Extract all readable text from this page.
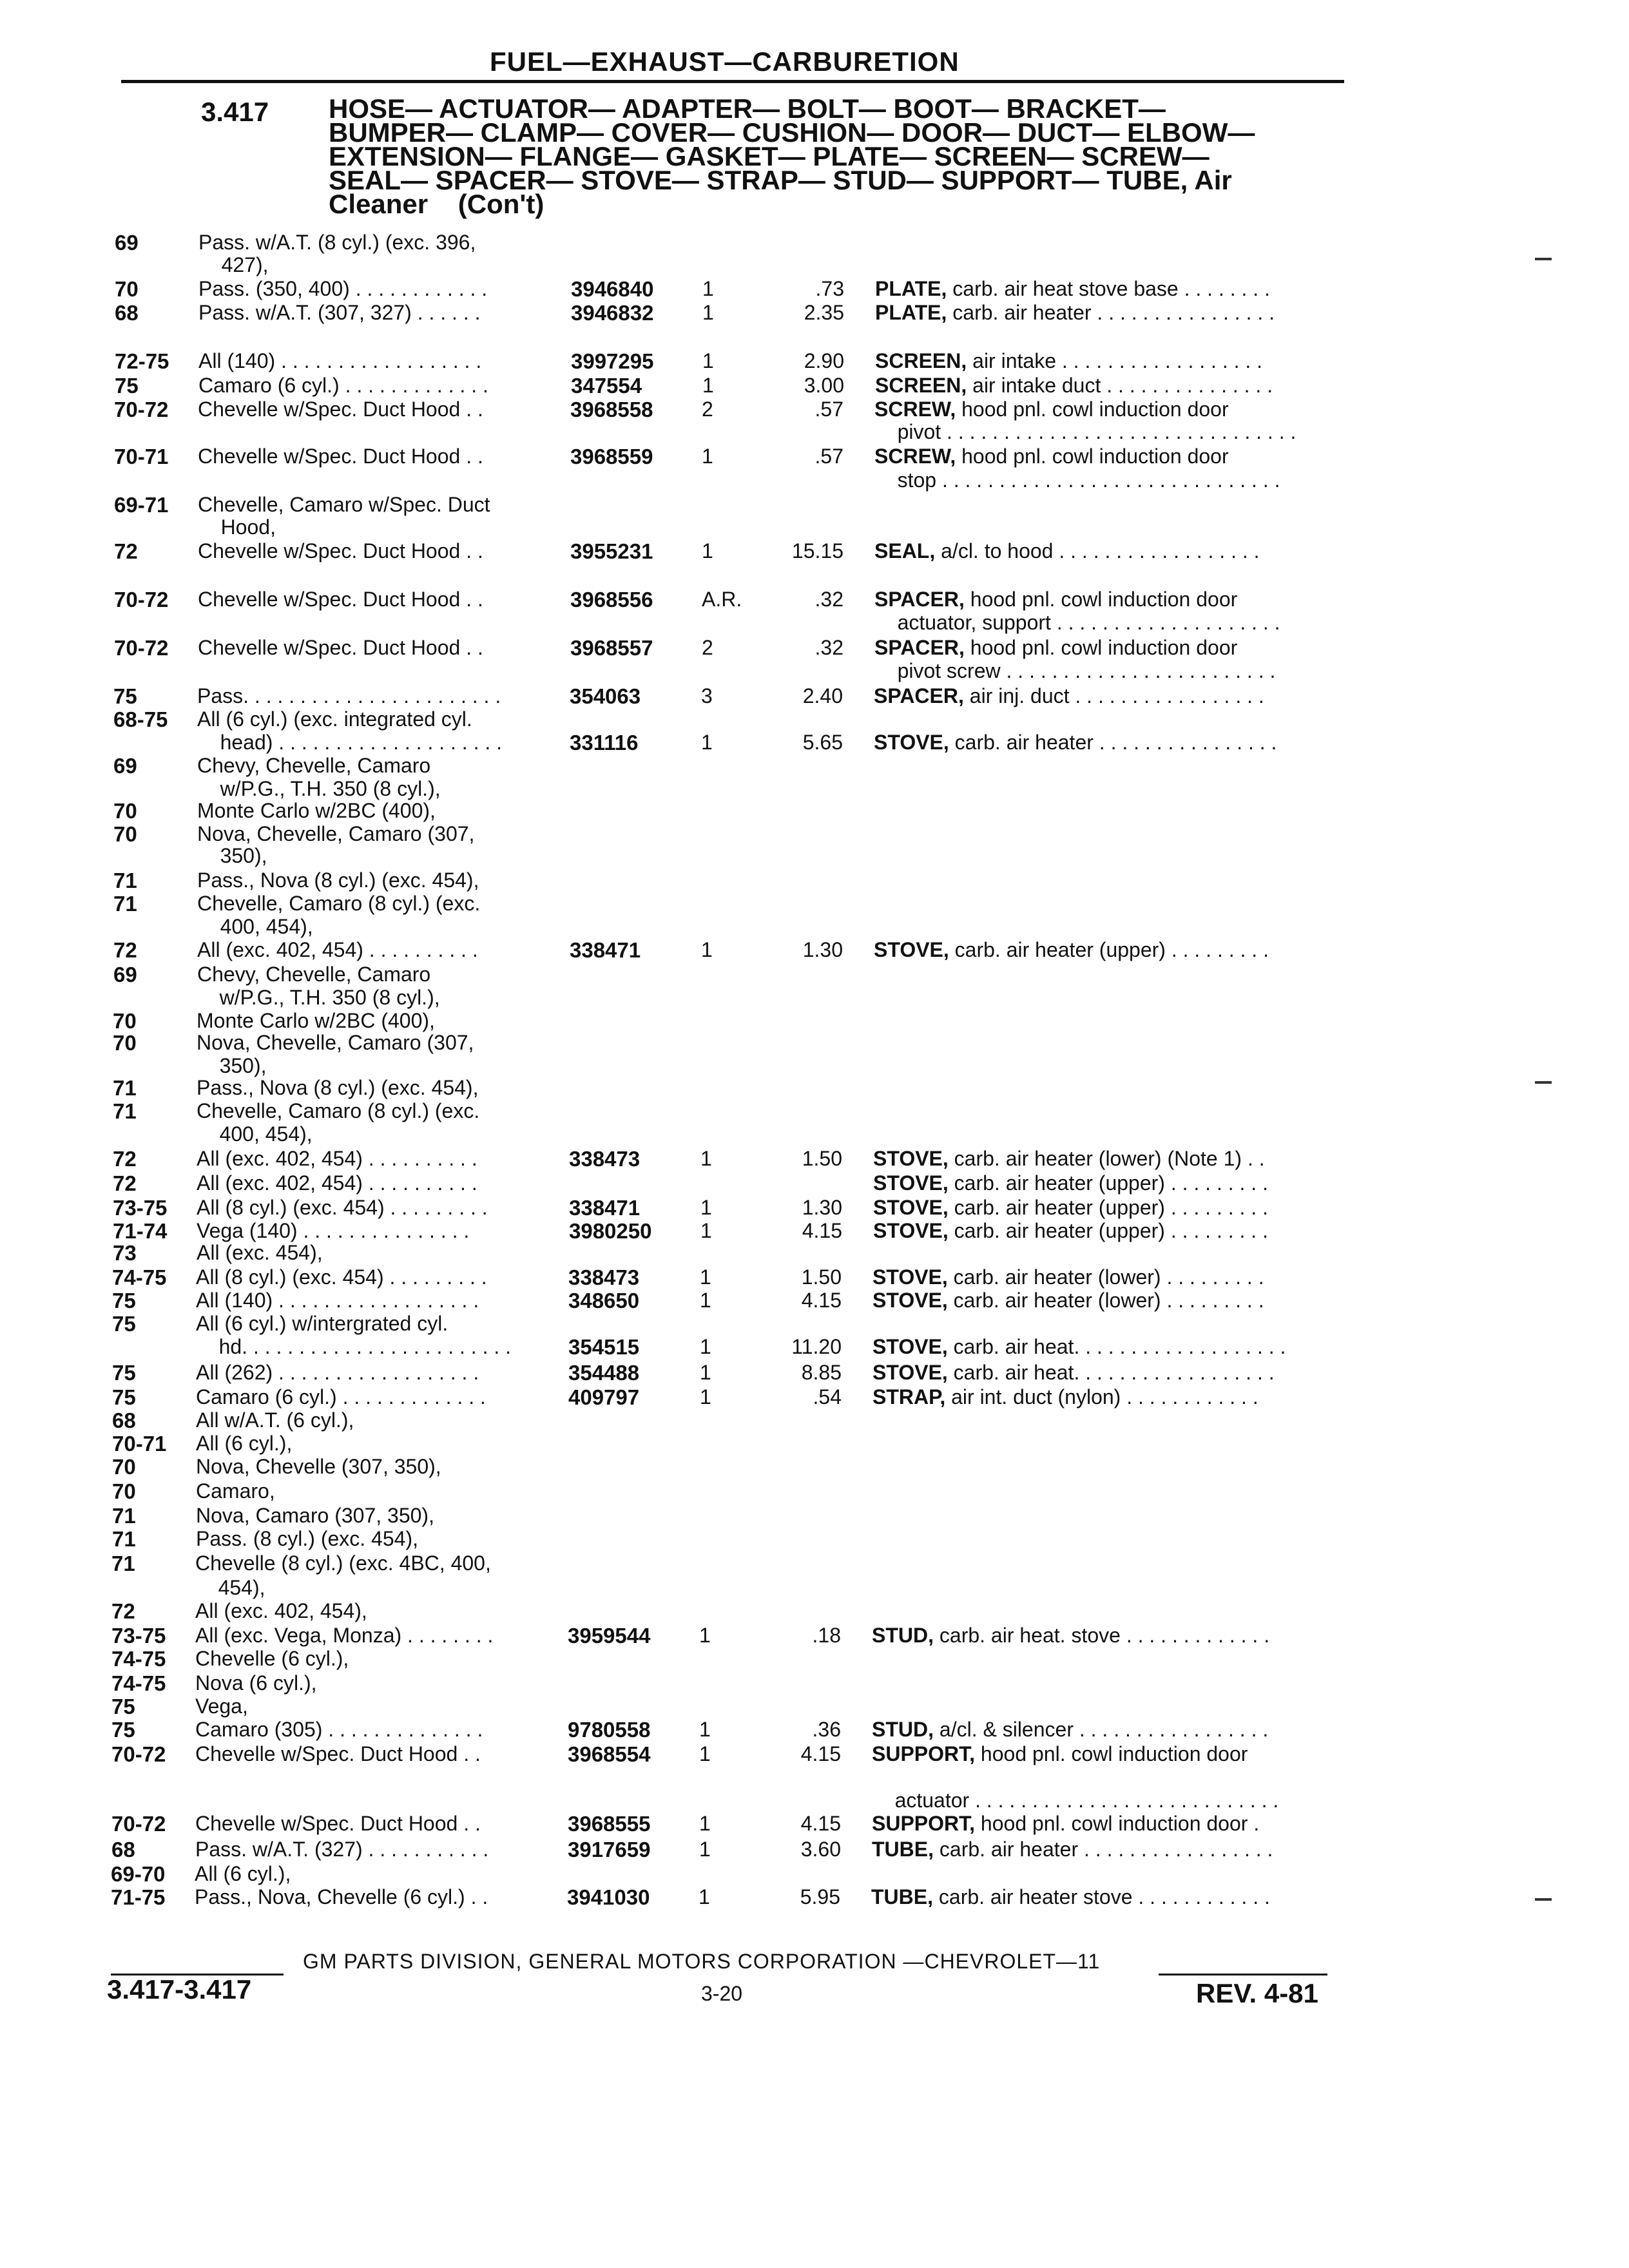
FUEL—EXHAUST—CARBURETION
3.417 HOSE— ACTUATOR— ADAPTER— BOLT— BOOT— BRACKET—
BUMPER— CLAMP— COVER— CUSHION— DOOR— DUCT— ELBOW—
EXTENSION— FLANGE— GASKET— PLATE— SCREEN— SCREW—
SEAL— SPACER— STOVE— STRAP— STUD— SUPPORT— TUBE, Air
Cleaner    (Con't)
69	Pass. w/A.T. (8 cyl.) (exc. 396,
427),
70	Pass. (350, 400) . . . . . . . . . . . .	3946840 1	.73 PLATE, carb. air heat stove base . . . . . . . .
68	Pass. w/A.T. (307, 327) . . . . . .	3946832 1	2.35 PLATE, carb. air heater . . . . . . . . . . . . . . . .
72-75 All (140) . . . . . . . . . . . . . . . . . .	3997295 1	2.90 SCREEN, air intake . . . . . . . . . . . . . . . . . .
75	Camaro (6 cyl.) . . . . . . . . . . . . .	347554	1	3.00 SCREEN, air intake duct . . . . . . . . . . . . . . .
70-72 Chevelle w/Spec. Duct Hood . .	3968558 2	.57 SCREW, hood pnl. cowl induction door
pivot . . . . . . . . . . . . . . . . . . . . . . . . . . . . . . .
70-71 Chevelle w/Spec. Duct Hood . .	3968559 1	.57 SCREW, hood pnl. cowl induction door
stop . . . . . . . . . . . . . . . . . . . . . . . . . . . . . .
69-71 Chevelle, Camaro w/Spec. Duct
Hood,
72	Chevelle w/Spec. Duct Hood . .	3955231 1	15.15 SEAL, a/cl. to hood . . . . . . . . . . . . . . . . . .
70-72 Chevelle w/Spec. Duct Hood . .	3968556 A.R.	.32 SPACER, hood pnl. cowl induction door
actuator, support . . . . . . . . . . . . . . . . . . . .
70-72 Chevelle w/Spec. Duct Hood . .	3968557 2	.32 SPACER, hood pnl. cowl induction door
pivot screw . . . . . . . . . . . . . . . . . . . . . . . .
75	Pass. . . . . . . . . . . . . . . . . . . . . . .	354063	3	2.40 SPACER, air inj. duct . . . . . . . . . . . . . . . . .
68-75 All (6 cyl.) (exc. integrated cyl.
head) . . . . . . . . . . . . . . . . . . . .	331116	1	5.65 STOVE, carb. air heater . . . . . . . . . . . . . . . .
69	Chevy, Chevelle, Camaro
w/P.G., T.H. 350 (8 cyl.),
70	Monte Carlo w/2BC (400),
70	Nova, Chevelle, Camaro (307,
350),
71	Pass., Nova (8 cyl.) (exc. 454),
71	Chevelle, Camaro (8 cyl.) (exc.
400, 454),
72	All (exc. 402, 454) . . . . . . . . . .	338471	1	1.30 STOVE, carb. air heater (upper) . . . . . . . . .
69	Chevy, Chevelle, Camaro
w/P.G., T.H. 350 (8 cyl.),
70	Monte Carlo w/2BC (400),
70	Nova, Chevelle, Camaro (307,
350),
71	Pass., Nova (8 cyl.) (exc. 454),
71	Chevelle, Camaro (8 cyl.) (exc.
400, 454),
72	All (exc. 402, 454) . . . . . . . . . .	338473	1	1.50 STOVE, carb. air heater (lower) (Note 1) . .
72	All (exc. 402, 454) . . . . . . . . . .	STOVE, carb. air heater (upper) . . . . . . . . .
73-75 All (8 cyl.) (exc. 454) . . . . . . . . .	338471	1	1.30 STOVE, carb. air heater (upper) . . . . . . . . .
71-74 Vega (140) . . . . . . . . . . . . . . .	3980250 1	4.15 STOVE, carb. air heater (upper) . . . . . . . . .
73	All (exc. 454),
74-75 All (8 cyl.) (exc. 454) . . . . . . . . .	338473	1	1.50 STOVE, carb. air heater (lower) . . . . . . . . .
75	All (140) . . . . . . . . . . . . . . . . . .	348650	1	4.15 STOVE, carb. air heater (lower) . . . . . . . . .
75	All (6 cyl.) w/intergrated cyl.
hd. . . . . . . . . . . . . . . . . . . . . . . .	354515	1	11.20 STOVE, carb. air heat. . . . . . . . . . . . . . . . . . .
75	All (262) . . . . . . . . . . . . . . . . . .	354488	1	8.85 STOVE, carb. air heat. . . . . . . . . . . . . . . . . .
75	Camaro (6 cyl.) . . . . . . . . . . . . .	409797	1	.54 STRAP, air int. duct (nylon) . . . . . . . . . . . .
68	All w/A.T. (6 cyl.),
70-71 All (6 cyl.),
70	Nova, Chevelle (307, 350),
70	Camaro,
71	Nova, Camaro (307, 350),
71	Pass. (8 cyl.) (exc. 454),
71	Chevelle (8 cyl.) (exc. 4BC, 400,
454),
72	All (exc. 402, 454),
73-75 All (exc. Vega, Monza) . . . . . . . .	3959544 1	.18 STUD, carb. air heat. stove . . . . . . . . . . . . .
74-75 Chevelle (6 cyl.),
74-75 Nova (6 cyl.),
75	Vega,
75	Camaro (305) . . . . . . . . . . . . . .	9780558 1	.36 STUD, a/cl. & silencer . . . . . . . . . . . . . . . . .
70-72 Chevelle w/Spec. Duct Hood . .	3968554 1	4.15 SUPPORT, hood pnl. cowl induction door
actuator . . . . . . . . . . . . . . . . . . . . . . . . . . .
70-72 Chevelle w/Spec. Duct Hood . .	3968555 1	4.15 SUPPORT, hood pnl. cowl induction door .
68	Pass. w/A.T. (327) . . . . . . . . . . .	3917659 1	3.60 TUBE, carb. air heater . . . . . . . . . . . . . . . . .
69-70 All (6 cyl.),
71-75 Pass., Nova, Chevelle (6 cyl.) . .	3941030 1	5.95 TUBE, carb. air heater stove . . . . . . . . . . . .
GM PARTS DIVISION, GENERAL MOTORS CORPORATION —CHEVROLET—11
3.417-3.417	3-20	REV. 4-81
